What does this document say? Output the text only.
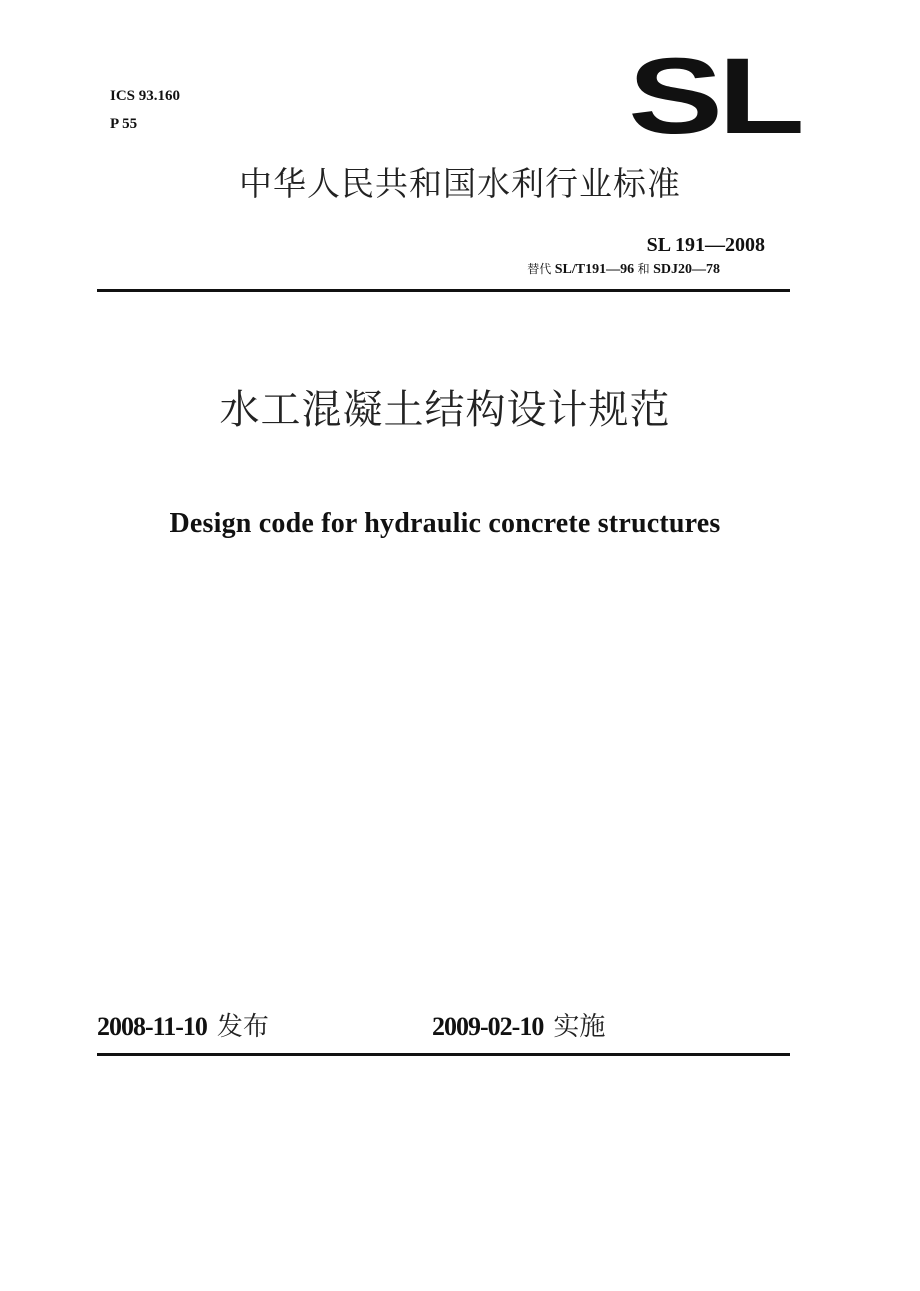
ICS 93.160
P 55	SL
中华人民共和国水利行业标准
SL 191—2008
替代 SL/T191—96 和 SDJ20—78
水工混凝土结构设计规范
Design code for hydraulic concrete structures
2008-11-10 发布	2009-02-10 实施
